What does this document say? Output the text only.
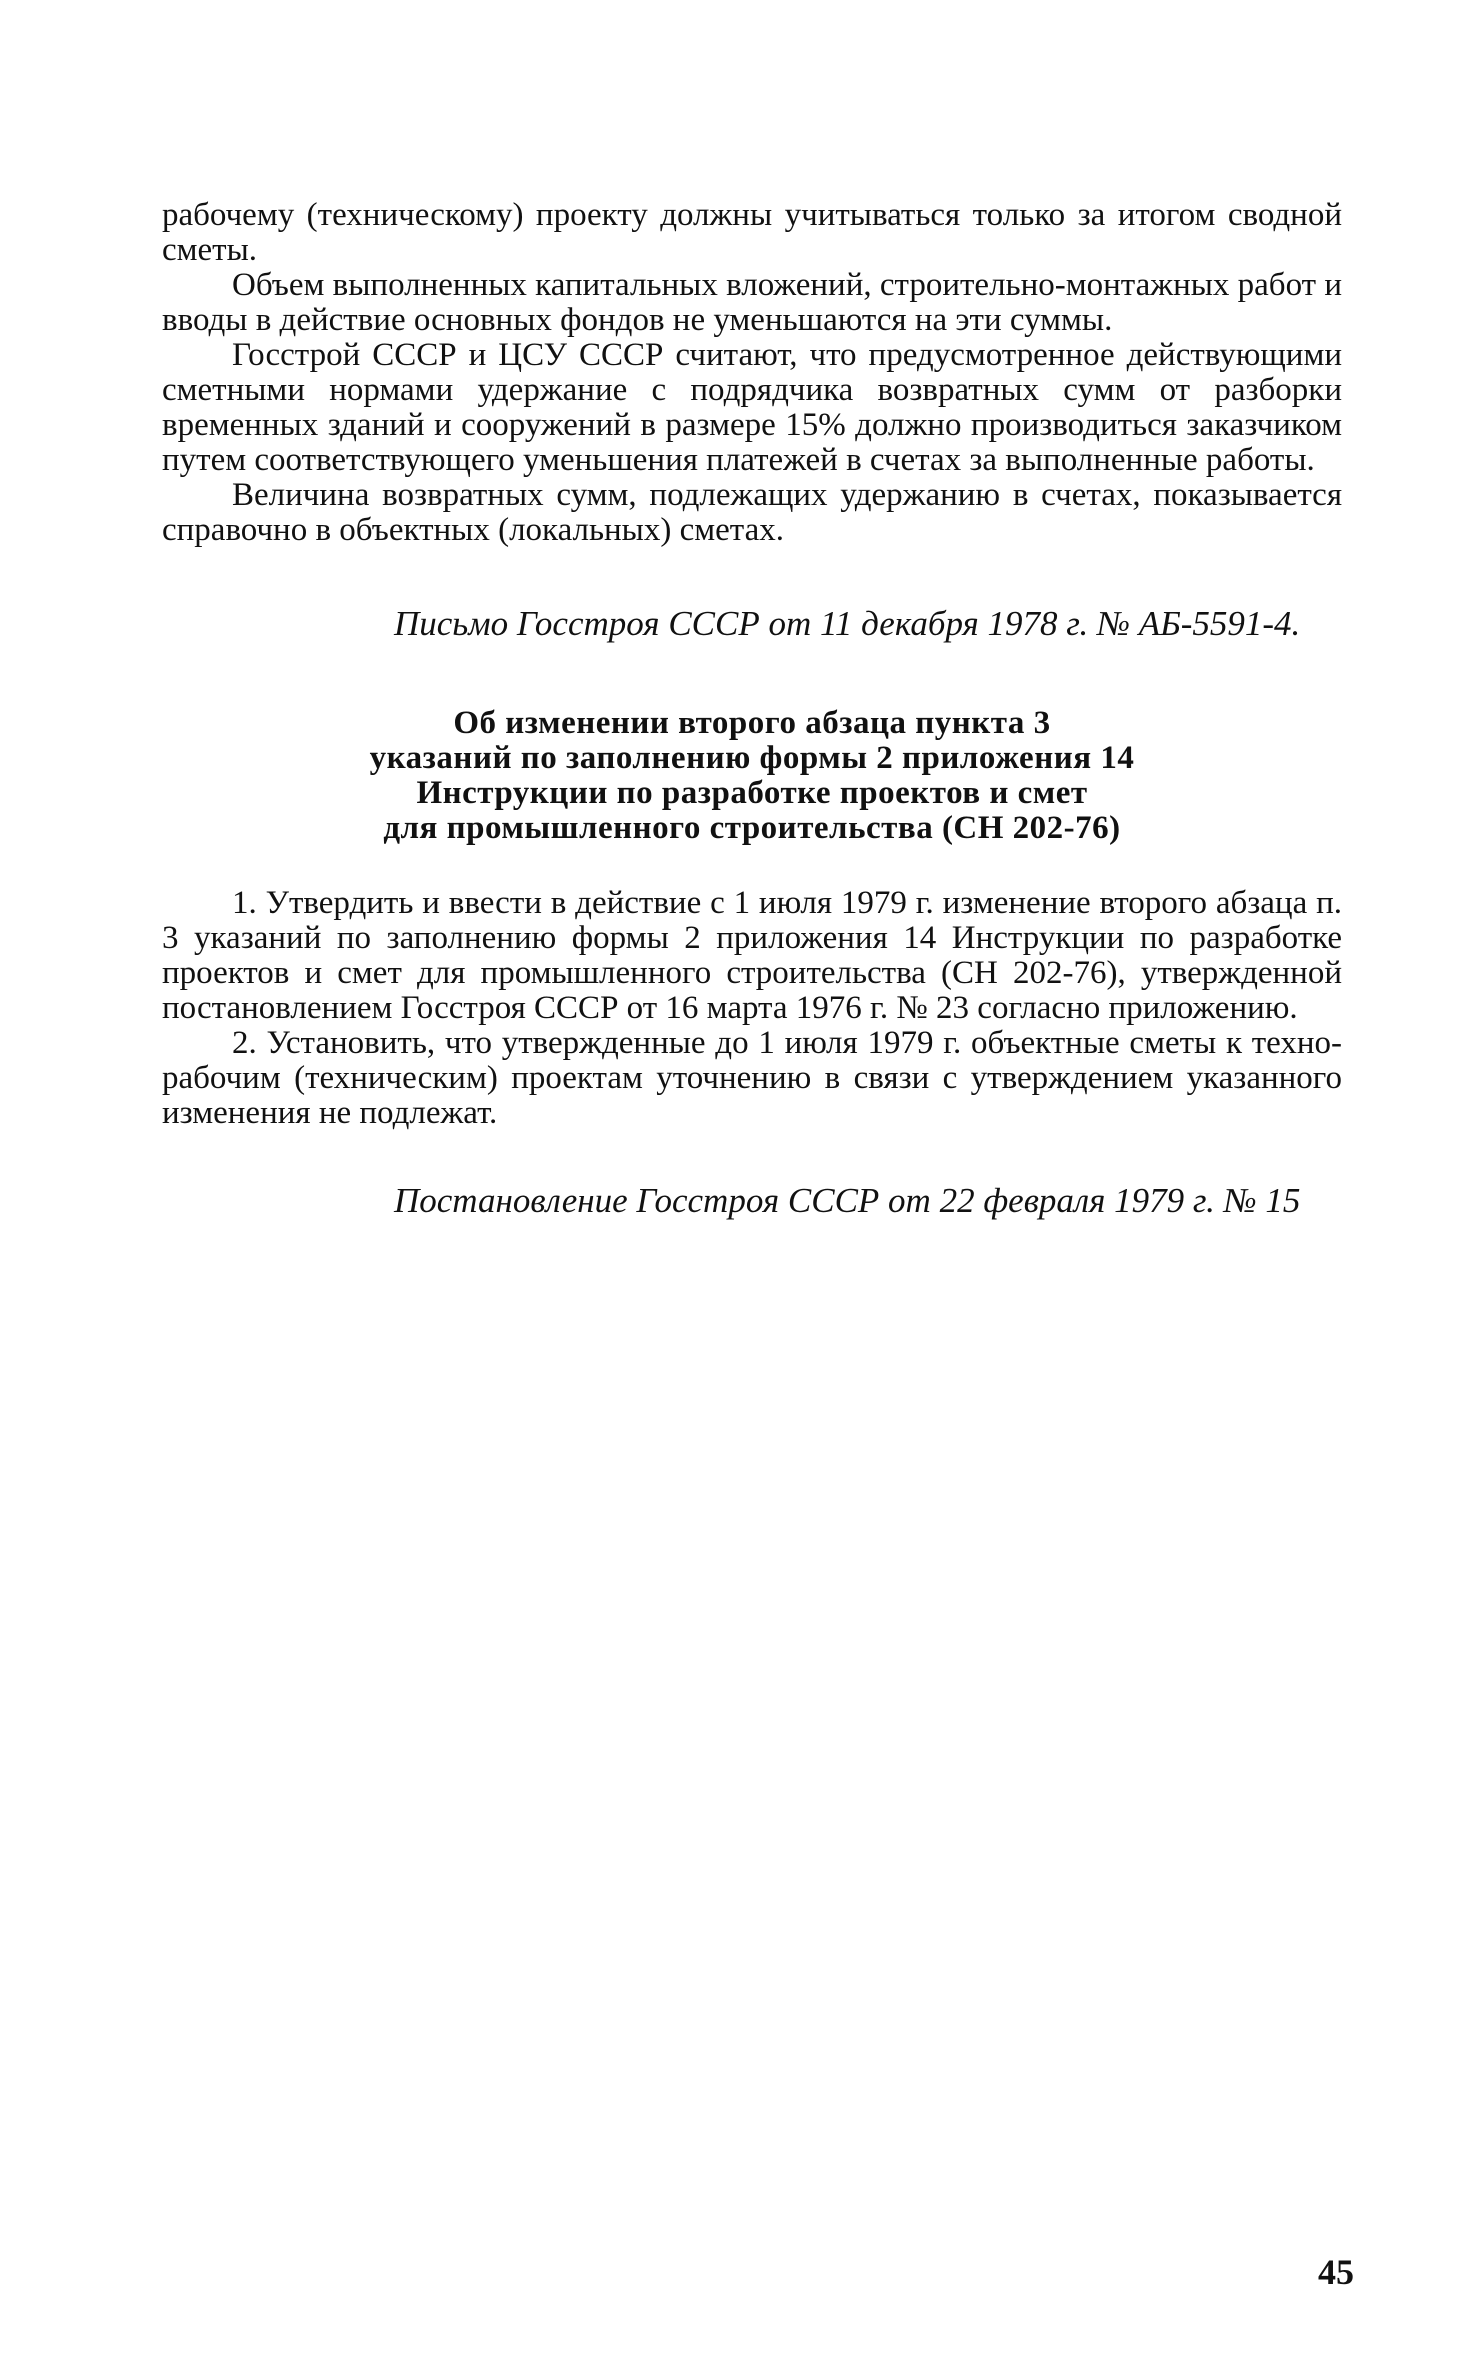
рабочему (техническому) проекту должны учитываться только за итогом сводной сметы.

Объем выполненных капитальных вложений, строительно-монтажных работ и вводы в действие основных фондов не уменьшаются на эти суммы.

Госстрой СССР и ЦСУ СССР считают, что предусмотренное действующими сметными нормами удержание с подрядчика возвратных сумм от разборки временных зданий и сооружений в размере 15% должно производиться заказчиком путем соответствующего уменьшения платежей в счетах за выполненные работы.

Величина возвратных сумм, подлежащих удержанию в счетах, показывается справочно в объектных (локальных) сметах.

Письмо Госстроя СССР от 11 декабря 1978 г. № АБ-5591-4.

Об изменении второго абзаца пункта 3
указаний по заполнению формы 2 приложения 14
Инструкции по разработке проектов и смет
для промышленного строительства (СН 202-76)

1. Утвердить и ввести в действие с 1 июля 1979 г. изменение второго абзаца п. 3 указаний по заполнению формы 2 приложения 14 Инструкции по разработке проектов и смет для промышленного строительства (СН 202-76), утвержденной постановлением Госстроя СССР от 16 марта 1976 г. № 23 согласно приложению.

2. Установить, что утвержденные до 1 июля 1979 г. объектные сметы к техно-рабочим (техническим) проектам уточнению в связи с утверждением указанного изменения не подлежат.

Постановление Госстроя СССР от 22 февраля 1979 г. № 15

45
